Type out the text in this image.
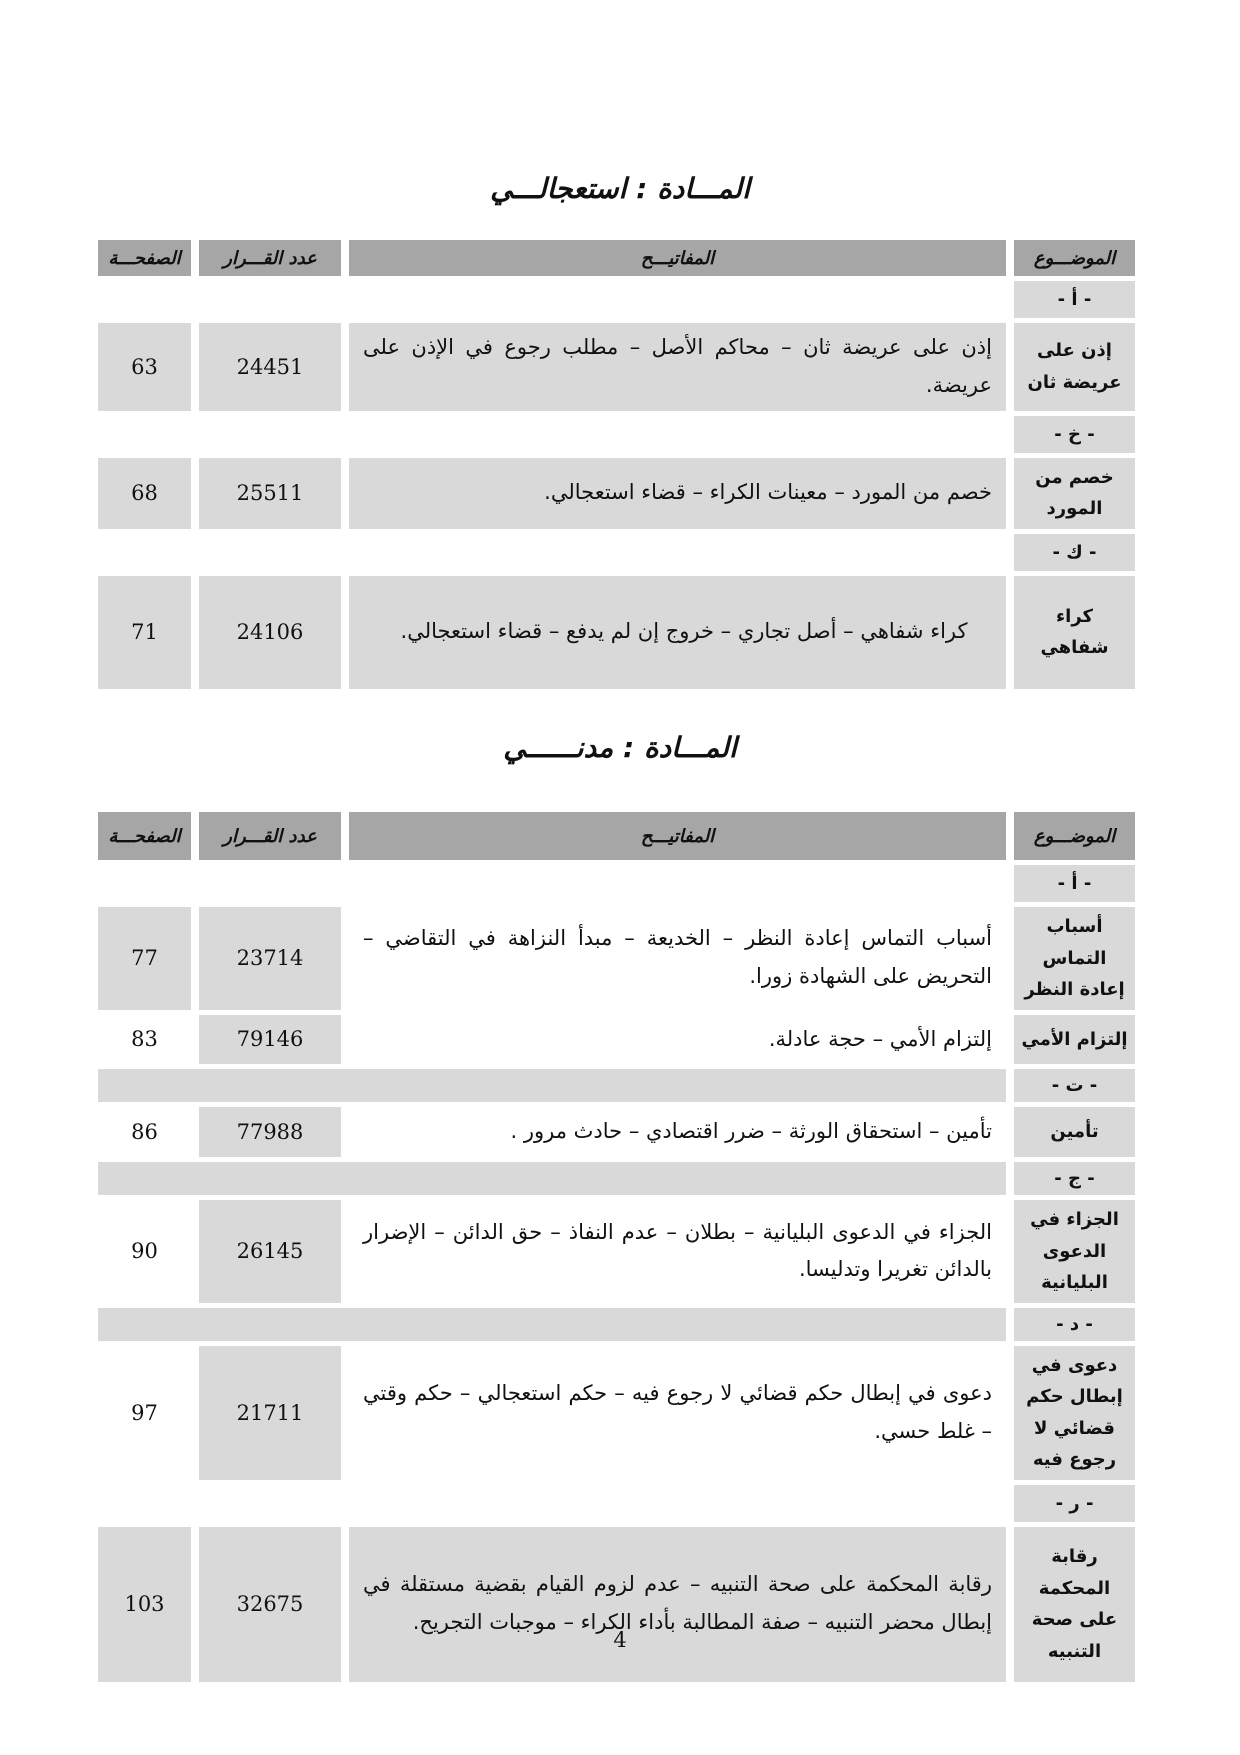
المـــادة : استعجالـــي
الموضـــوع
المفاتيـــح
عدد القـــرار
الصفحـــة
- أ -
إذن على عريضة ثان
إذن على عريضة ثان – محاكم الأصل – مطلب رجوع في الإذن على عريضة.
24451
63
- خ -
خصم من المورد
خصم من المورد – معينات الكراء – قضاء استعجالي.
25511
68
- ك -
كراء شفاهي
كراء شفاهي – أصل تجاري – خروج إن لم يدفع – قضاء استعجالي.
24106
71
المـــادة : مدنــــــي
الموضـــوع
المفاتيـــح
عدد القـــرار
الصفحـــة
- أ -
أسباب التماس إعادة النظر
أسباب التماس إعادة النظر – الخديعة – مبدأ النزاهة في التقاضي – التحريض على الشهادة زورا.
23714
77
إلتزام الأمي
إلتزام الأمي – حجة عادلة.
79146
83
- ت -
تأمين
تأمين – استحقاق الورثة – ضرر اقتصادي – حادث مرور .
77988
86
- ج -
الجزاء في الدعوى البليانية
الجزاء في الدعوى البليانية – بطلان – عدم النفاذ – حق الدائن – الإضرار بالدائن تغريرا وتدليسا.
26145
90
- د -
دعوى في إبطال حكم قضائي لا رجوع فيه
دعوى في إبطال حكم قضائي لا رجوع فيه – حكم استعجالي – حكم وقتي – غلط حسي.
21711
97
- ر -
رقابة المحكمة على صحة التنبيه
رقابة المحكمة على صحة التنبيه – عدم لزوم القيام بقضية مستقلة في إبطال محضر التنبيه – صفة المطالبة بأداء الكراء – موجبات التجريح.
32675
103
4
